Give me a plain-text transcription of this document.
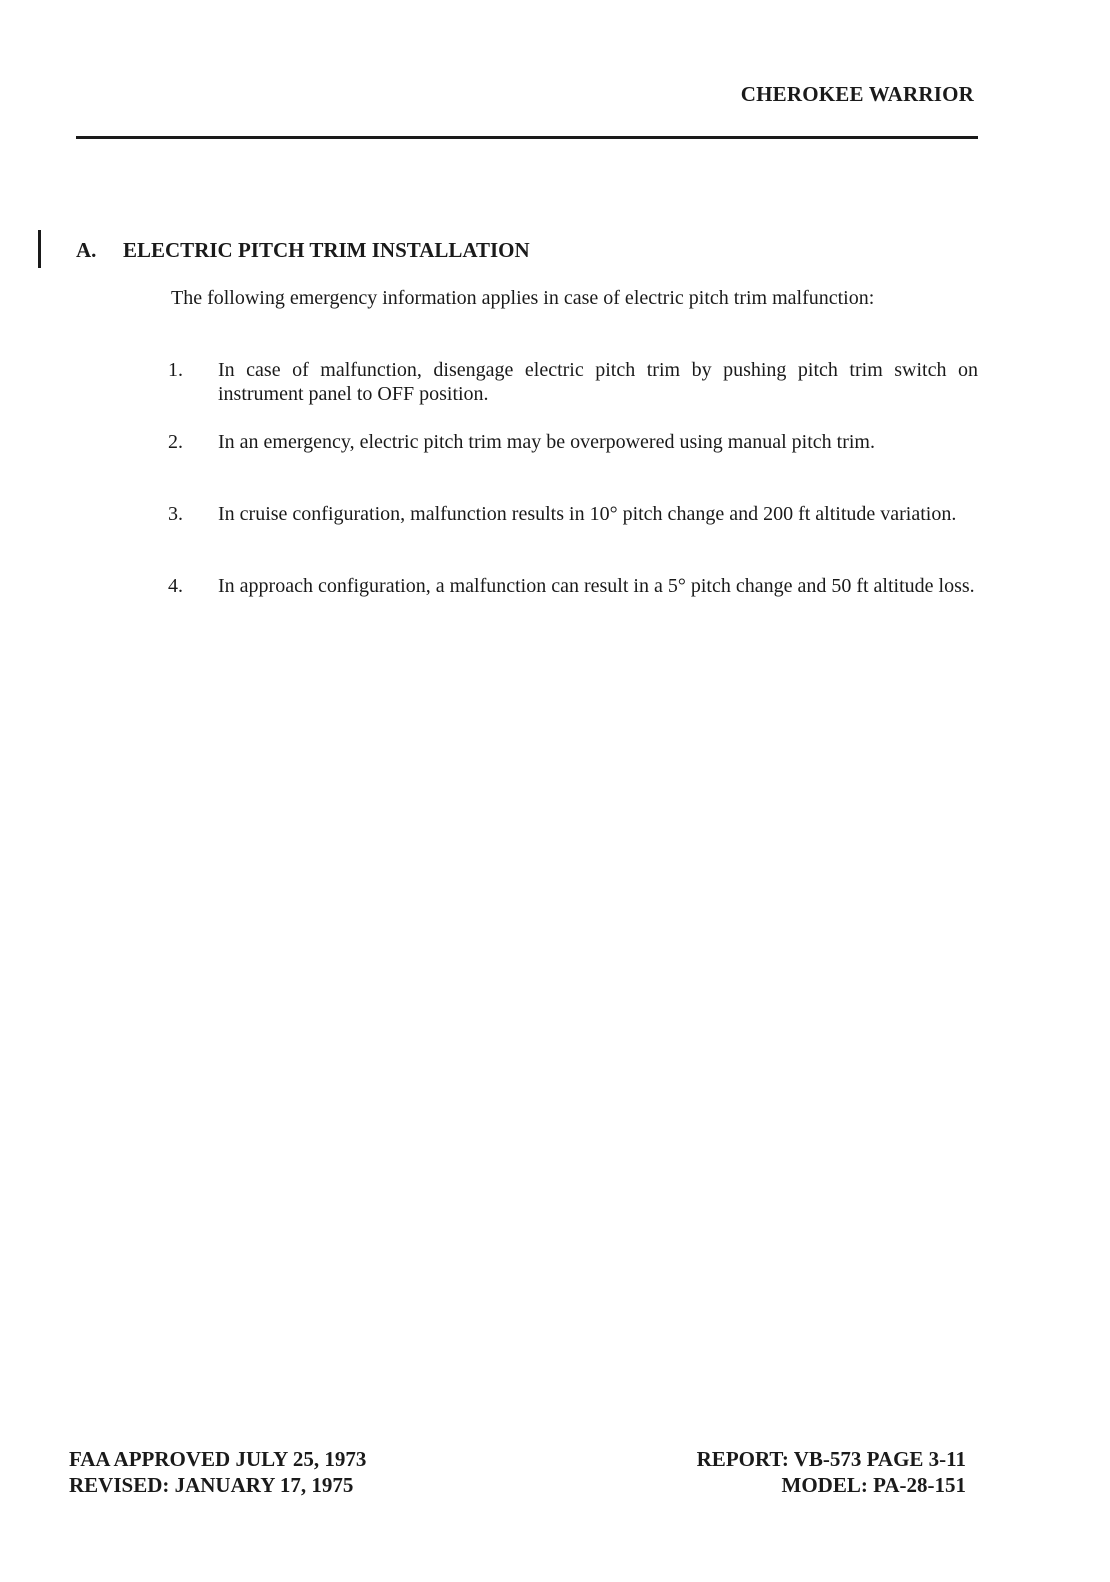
CHEROKEE WARRIOR
A. ELECTRIC PITCH TRIM INSTALLATION

The following emergency information applies in case of electric pitch trim malfunction:

1. In case of malfunction, disengage electric pitch trim by pushing pitch trim switch on instrument panel to OFF position.

2. In an emergency, electric pitch trim may be overpowered using manual pitch trim.

3. In cruise configuration, malfunction results in 10° pitch change and 200 ft altitude variation.

4. In approach configuration, a malfunction can result in a 5° pitch change and 50 ft altitude loss.

FAA APPROVED JULY 25, 1973
REVISED: JANUARY 17, 1975
REPORT: VB-573 PAGE 3-11
MODEL: PA-28-151
